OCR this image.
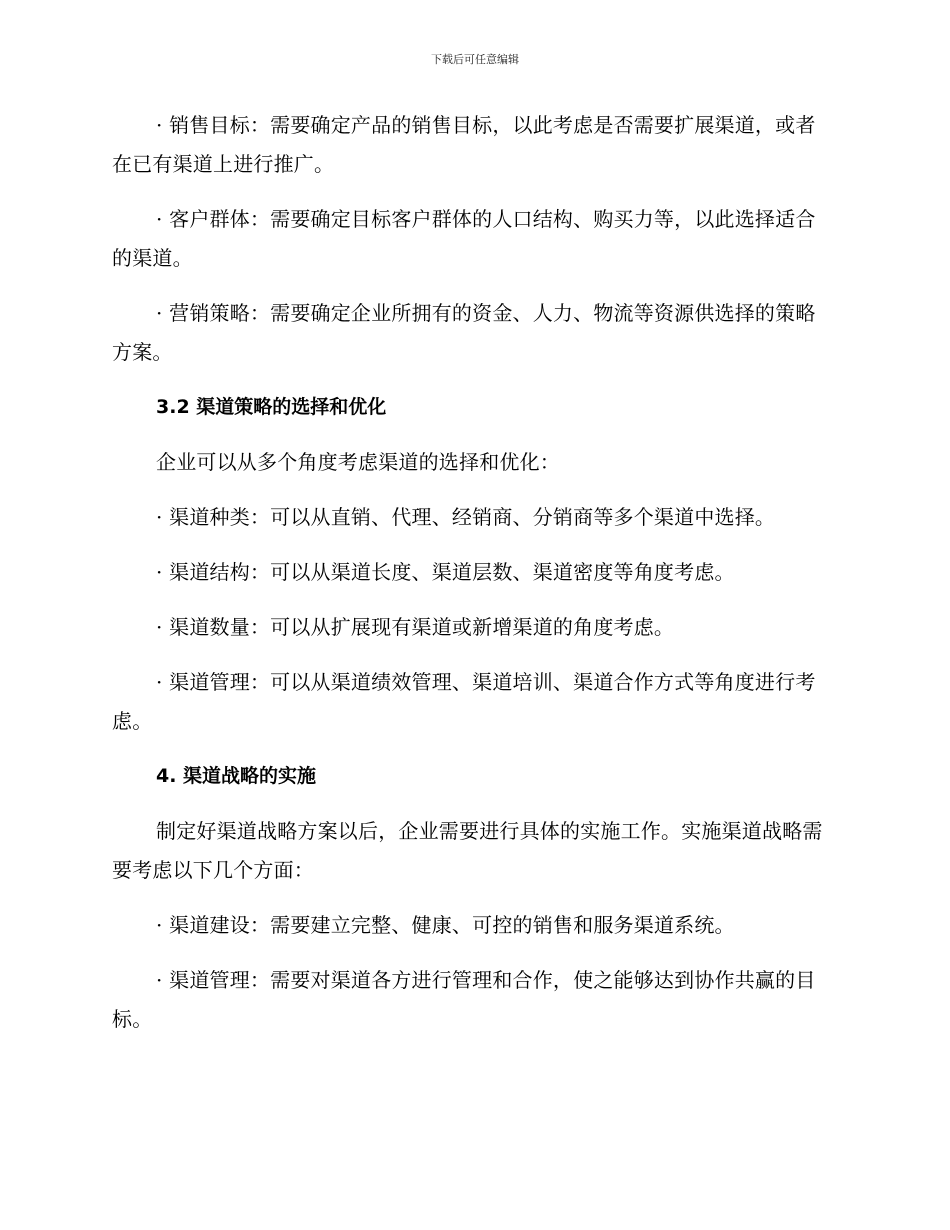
下载后可任意编辑

· 销售目标：需要确定产品的销售目标，以此考虑是否需要扩展渠道，或者在已有渠道上进行推广。

· 客户群体：需要确定目标客户群体的人口结构、购买力等，以此选择适合的渠道。

· 营销策略：需要确定企业所拥有的资金、人力、物流等资源供选择的策略方案。

3.2 渠道策略的选择和优化

企业可以从多个角度考虑渠道的选择和优化：

· 渠道种类：可以从直销、代理、经销商、分销商等多个渠道中选择。

· 渠道结构：可以从渠道长度、渠道层数、渠道密度等角度考虑。

· 渠道数量：可以从扩展现有渠道或新增渠道的角度考虑。

· 渠道管理：可以从渠道绩效管理、渠道培训、渠道合作方式等角度进行考虑。

4. 渠道战略的实施

制定好渠道战略方案以后，企业需要进行具体的实施工作。实施渠道战略需要考虑以下几个方面：

· 渠道建设：需要建立完整、健康、可控的销售和服务渠道系统。

· 渠道管理：需要对渠道各方进行管理和合作，使之能够达到协作共赢的目标。
